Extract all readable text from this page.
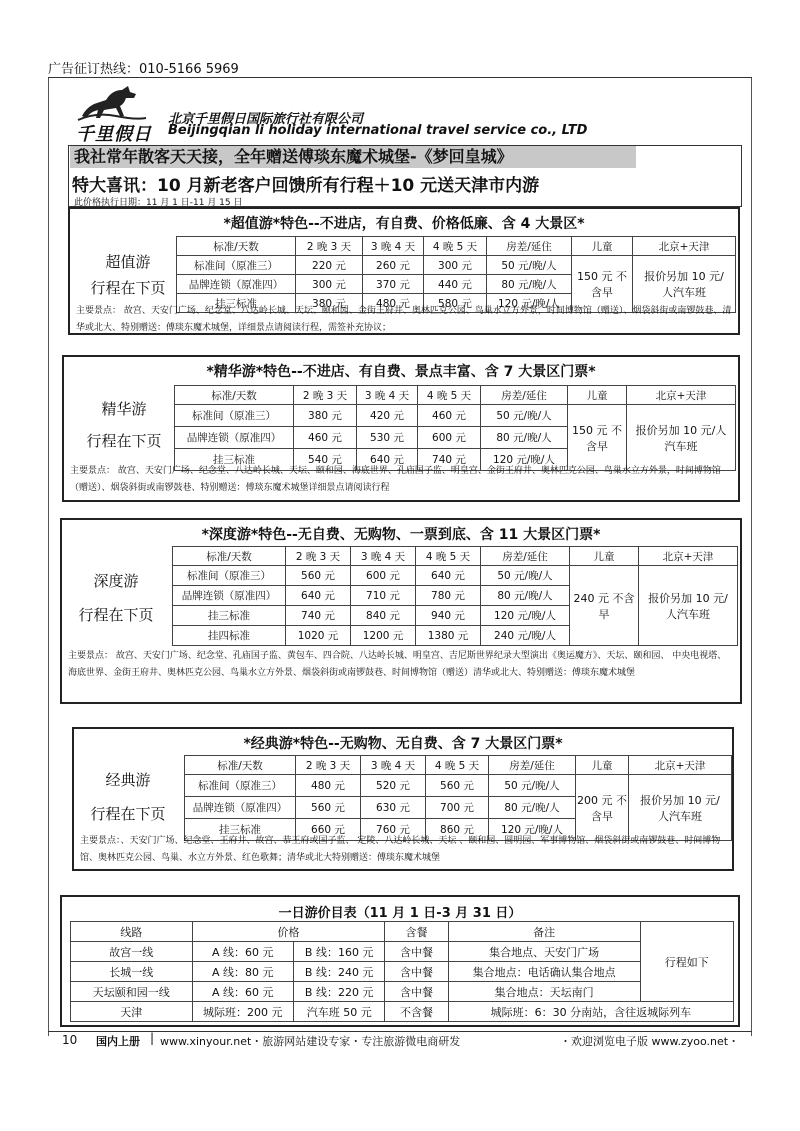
广告征订热线：010-5166 5969
千里假日
北京千里假日国际旅行社有限公司
Beijingqian li holiday international travel service co., LTD
我社常年散客天天接，全年赠送傅琰东魔术城堡-《梦回皇城》
特大喜讯：10 月新老客户回馈所有行程＋10 元送天津市内游
此价格执行日期：11 月 1 日-11 月 15 日
*超值游*特色--不进店，有自费、价格低廉、含 4 大景区*
超值游
行程在下页
标准/天数	2 晚 3 天	3 晚 4 天	4 晚 5 天	房差/延住	儿童	北京+天津
标准间（原准三）	220 元	260 元	300 元	50 元/晚/人	150 元 不含早	报价另加 10 元/人汽车班
品牌连锁（原准四）	300 元	370 元	440 元	80 元/晚/人		
挂三标准	380 元	480 元	580 元	120 元/晚/人		
主要景点： 故宫、天安门广场、纪念堂、八达岭长城、天坛、颐和园、金街王府井、奥林匹克公园、鸟巢水立方外景，时间博物馆（赠送）、烟袋斜街或南锣鼓巷、清华或北大、特别赠送：傅琰东魔术城堡，详细景点请阅读行程，需签补充协议；
*精华游*特色--不进店、有自费、景点丰富、含 7 大景区门票*
精华游
行程在下页
标准/天数	2 晚 3 天	3 晚 4 天	4 晚 5 天	房差/延住	儿童	北京+天津
标准间（原准三）	380 元	420 元	460 元	50 元/晚/人	150 元 不含早	报价另加 10 元/人汽车班
品牌连锁（原准四）	460 元	530 元	600 元	80 元/晚/人		
挂三标准	540 元	640 元	740 元	120 元/晚/人		
主要景点： 故宫、天安门广场、纪念堂、八达岭长城、天坛、颐和园、海底世界、孔庙国子监、明皇宫、金街王府井、奥林匹克公园、鸟巢水立方外景，时间博物馆（赠送）、烟袋斜街或南锣鼓巷、特别赠送：傅琰东魔术城堡详细景点请阅读行程
*深度游*特色--无自费、无购物、一票到底、含 11 大景区门票*
深度游
行程在下页
标准/天数	2 晚 3 天	3 晚 4 天	4 晚 5 天	房差/延住	儿童	北京+天津
标准间（原准三）	560 元	600 元	640 元	50 元/晚/人	240 元 不含早	报价另加 10 元/人汽车班
品牌连锁（原准四）	640 元	710 元	780 元	80 元/晚/人		
挂三标准	740 元	840 元	940 元	120 元/晚/人		
挂四标准	1020 元	1200 元	1380 元	240 元/晚/人		
主要景点： 故宫、天安门广场、纪念堂、孔庙国子监、黄包车、四合院、八达岭长城、明皇宫、吉尼斯世界纪录大型演出《奥运魔方》、天坛、颐和园、 中央电视塔、 海底世界、金街王府井、奥林匹克公园、鸟巢水立方外景、烟袋斜街或南锣鼓巷、时间博物馆（赠送）清华或北大、特别赠送：傅琰东魔术城堡
*经典游*特色--无购物、无自费、含 7 大景区门票*
经典游
行程在下页
标准/天数	2 晚 3 天	3 晚 4 天	4 晚 5 天	房差/延住	儿童	北京+天津
标准间（原准三）	480 元	520 元	560 元	50 元/晚/人	200 元 不含早	报价另加 10 元/人汽车班
品牌连锁（原准四）	560 元	630 元	700 元	80 元/晚/人		
挂三标准	660 元	760 元	860 元	120 元/晚/人		
主要景点：、天安门广场、纪念堂、王府井、故宫、恭王府或国子监、 定陵、八达岭长城、天坛 、颐和园、圆明园、军事博物馆、烟袋斜街或南锣鼓巷、时间博物馆、奥林匹克公园、鸟巢、水立方外景、红色歌舞；清华或北大特别赠送：傅琰东魔术城堡
一日游价目表（11 月 1 日-3 月 31 日）
线路	价格		含餐	备注	行程如下
故宫一线	A 线：60 元	B 线：160 元	含中餐	集合地点、天安门广场	
长城一线	A 线：80 元	B 线：240 元	含中餐	集合地点：电话确认集合地点	
天坛颐和园一线	A 线：60 元	B 线：220 元	含中餐	集合地点：天坛南门	
天津	城际班：200 元	汽车班 50 元	不含餐	城际班：6：30 分南站，含往返城际列车	
10 国内上册 | www.xinyour.net・旅游网站建设专家・专注旅游微电商研发	・欢迎浏览电子版 www.zyoo.net・
